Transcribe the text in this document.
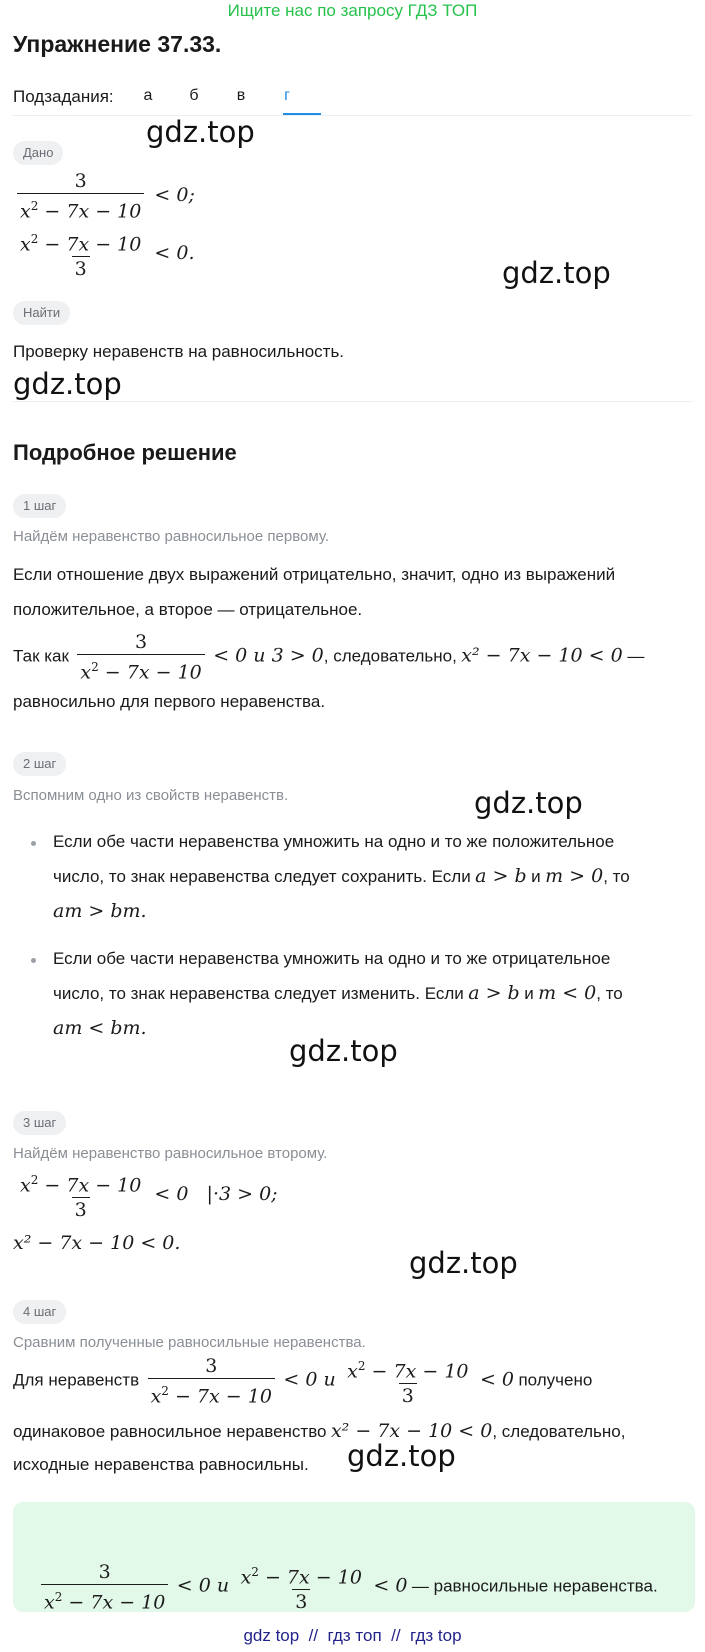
Ищите нас по запросу ГДЗ ТОП
Упражнение 37.33.
Подзадания:	а	б	в	г
Дано
gdz.top
$\frac{3}{x^2 - 7x - 10} < 0$;
$\frac{x^2 - 7x - 10}{3} < 0$.
gdz.top
Найти
Проверку неравенств на равносильность.
gdz.top
Подробное решение
1 шаг
Найдём неравенство равносильное первому.
Если отношение двух выражений отрицательно, значит, одно из выражений
положительное, а второе — отрицательное.
Так как $\frac{3}{x^2 - 7x - 10} < 0$ и 3 > 0, следовательно, x² − 7x − 10 < 0 —
равносильно для первого неравенства.
2 шаг
Вспомним одно из свойств неравенств.	gdz.top
Если обе части неравенства умножить на одно и то же положительное
число, то знак неравенства следует сохранить. Если a > b и m > 0, то
am > bm.
Если обе части неравенства умножить на одно и то же отрицательное
число, то знак неравенства следует изменить. Если a > b и m < 0, то
am < bm.
gdz.top
3 шаг
Найдём неравенство равносильное второму.
$\frac{x^2 - 7x - 10}{3} < 0$   |·3 > 0;
x² − 7x − 10 < 0.
gdz.top
4 шаг
Сравним полученные равносильные неравенства.
Для неравенств $\frac{3}{x^2 - 7x - 10} < 0$ и $\frac{x^2 - 7x - 10}{3} < 0$ получено
одинаковое равносильное неравенство x² − 7x − 10 < 0, следовательно,
исходные неравенства равносильны. gdz.top
$\frac{3}{x^2 - 7x - 10} < 0$ и $\frac{x^2 - 7x - 10}{3} < 0$ — равносильные неравенства.
gdz top  //  гдз топ  //  гдз top
